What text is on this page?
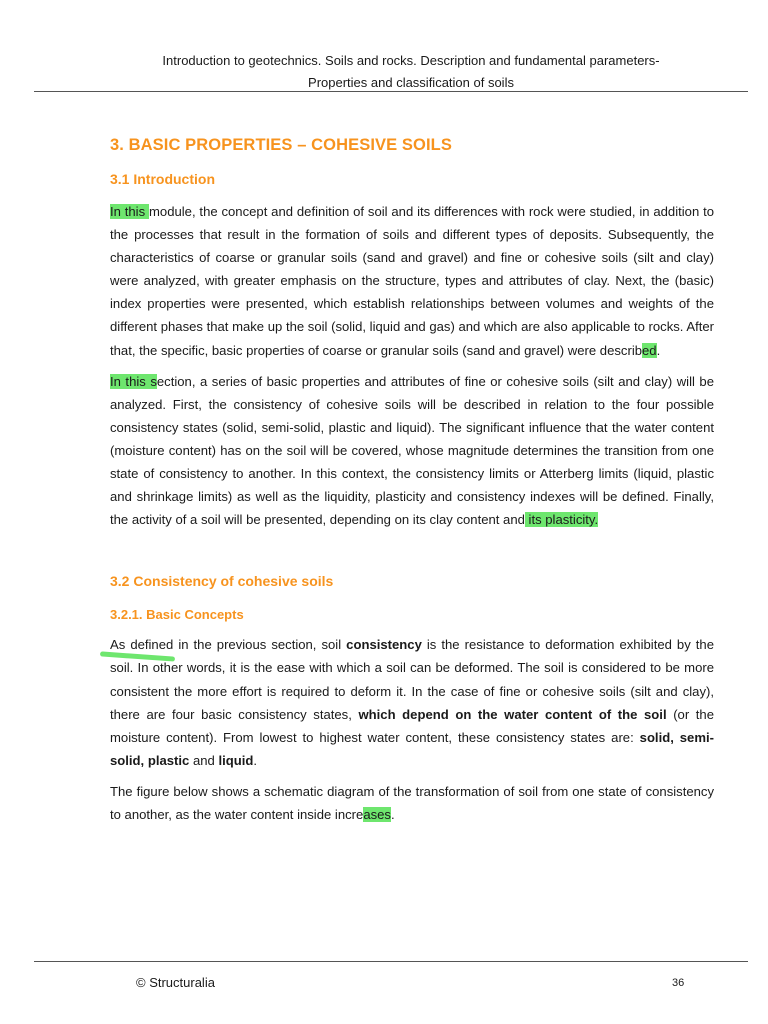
Introduction to geotechnics. Soils and rocks. Description and fundamental parameters-
Properties and classification of soils
3. BASIC PROPERTIES – COHESIVE SOILS
3.1 Introduction

In this module, the concept and definition of soil and its differences with rock were studied, in addition to the processes that result in the formation of soils and different types of deposits. Subsequently, the characteristics of coarse or granular soils (sand and gravel) and fine or cohesive soils (silt and clay) were analyzed, with greater emphasis on the structure, types and attributes of clay. Next, the (basic) index properties were presented, which establish relationships between volumes and weights of the different phases that make up the soil (solid, liquid and gas) and which are also applicable to rocks. After that, the specific, basic properties of coarse or granular soils (sand and gravel) were described.

In this section, a series of basic properties and attributes of fine or cohesive soils (silt and clay) will be analyzed. First, the consistency of cohesive soils will be described in relation to the four possible consistency states (solid, semi-solid, plastic and liquid). The significant influence that the water content (moisture content) has on the soil will be covered, whose magnitude determines the transition from one state of consistency to another. In this context, the consistency limits or Atterberg limits (liquid, plastic and shrinkage limits) as well as the liquidity, plasticity and consistency indexes will be defined. Finally, the activity of a soil will be presented, depending on its clay content and its plasticity.

3.2 Consistency of cohesive soils
3.2.1. Basic Concepts

As defined
in the previous section, soil consistency is the resistance to deformation exhibited by the soil. In other words, it is the ease with which a soil can be deformed. The soil is considered to be more consistent the more effort is required to deform it. In the case of fine or cohesive soils (silt and clay), there are four basic consistency states, which depend on the water content of the soil (or the moisture content). From lowest to highest water content, these consistency states are: solid, semi-solid, plastic and liquid.

The figure below shows a schematic diagram of the transformation of soil from one state of consistency to another, as the water content inside increases.

© Structuralia	36
